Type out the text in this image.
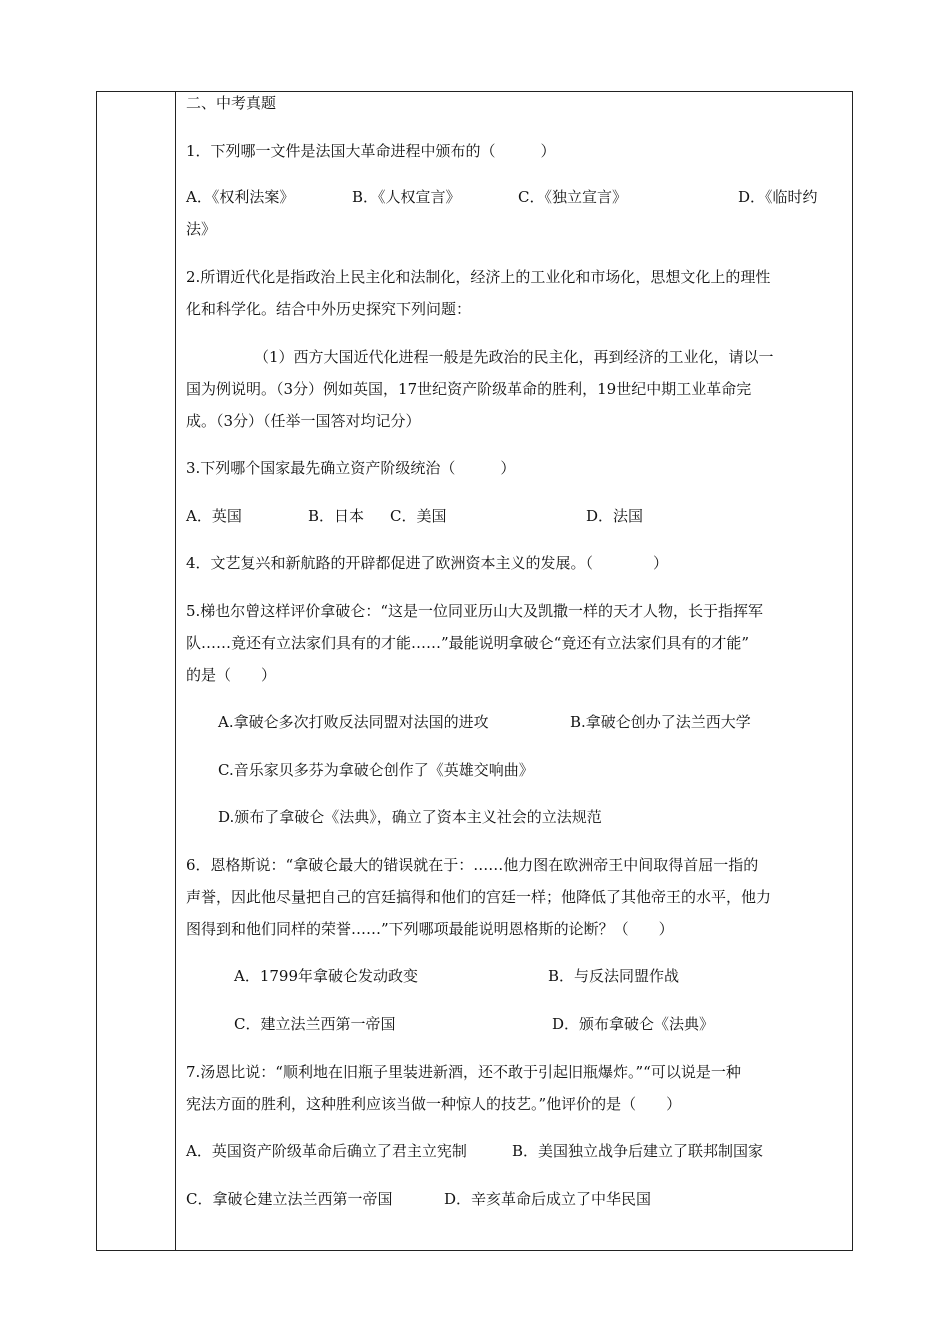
二、中考真题
1．下列哪一文件是法国大革命进程中颁布的（　　　）
A．《权利法案》	B．《人权宣言》	C．《独立宣言》	D．《临时约
法》
2.所谓近代化是指政治上民主化和法制化，经济上的工业化和市场化，思想文化上的理性
化和科学化。结合中外历史探究下列问题：
（1）西方大国近代化进程一般是先政治的民主化，再到经济的工业化，请以一
国为例说明。（3分）例如英国，17世纪资产阶级革命的胜利，19世纪中期工业革命完
成。（3分）（任举一国答对均记分）
3.下列哪个国家最先确立资产阶级统治（　　　）
A．英国	B．日本 C．美国	D．法国
4．文艺复兴和新航路的开辟都促进了欧洲资本主义的发展。（　　　　）
5.梯也尔曾这样评价拿破仑：“这是一位同亚历山大及凯撒一样的天才人物，长于指挥军
队……竟还有立法家们具有的才能……”最能说明拿破仑“竟还有立法家们具有的才能”
的是（　　）
A.拿破仑多次打败反法同盟对法国的进攻	B.拿破仑创办了法兰西大学
C.音乐家贝多芬为拿破仑创作了《英雄交响曲》
D.颁布了拿破仑《法典》，确立了资本主义社会的立法规范
6．恩格斯说：“拿破仑最大的错误就在于：……他力图在欧洲帝王中间取得首屈一指的
声誉，因此他尽量把自己的宫廷搞得和他们的宫廷一样；他降低了其他帝王的水平，他力
图得到和他们同样的荣誉……”下列哪项最能说明恩格斯的论断？（　　）
A．1799年拿破仑发动政变	B．与反法同盟作战
C．建立法兰西第一帝国	D．颁布拿破仑《法典》
7.汤恩比说：“顺利地在旧瓶子里装进新酒，还不敢于引起旧瓶爆炸。”“可以说是一种
宪法方面的胜利，这种胜利应该当做一种惊人的技艺。”他评价的是（　　）
A．英国资产阶级革命后确立了君主立宪制	B．美国独立战争后建立了联邦制国家
C．拿破仑建立法兰西第一帝国	D．辛亥革命后成立了中华民国
